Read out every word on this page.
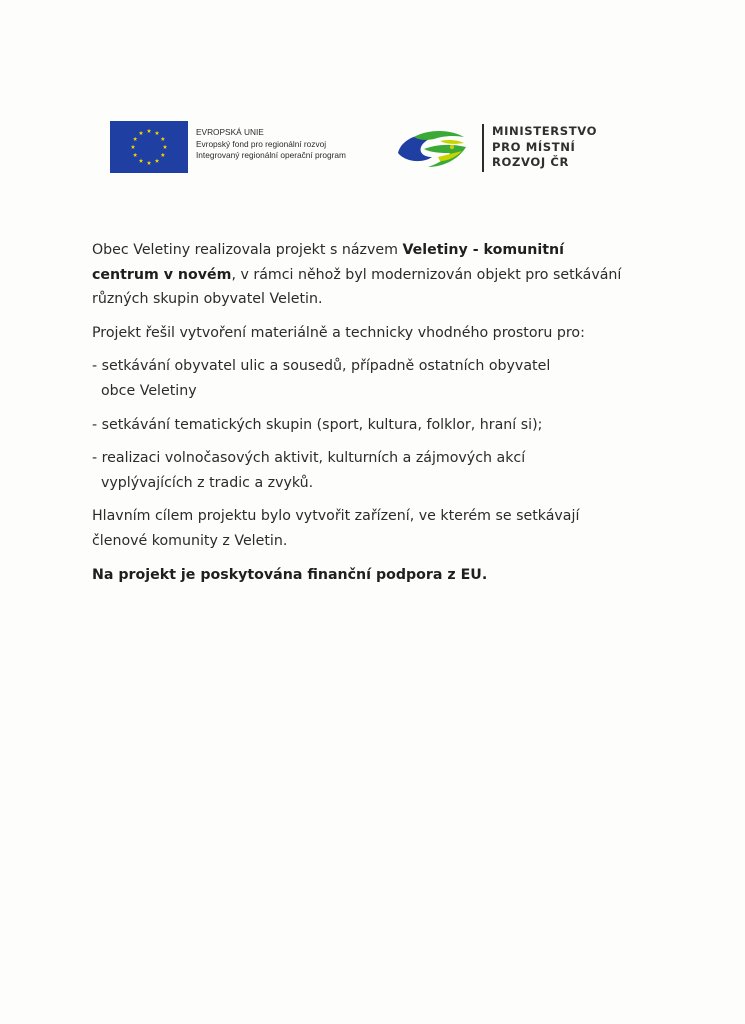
EVROPSKÁ UNIE
Evropský fond pro regionální rozvoj
Integrovaný regionální operační program
MINISTERSTVO
PRO MÍSTNÍ
ROZVOJ ČR

Obec Veletiny realizovala projekt s názvem Veletiny - komunitní centrum v novém, v rámci něhož byl modernizován objekt pro setkávání různých skupin obyvatel Veletin.

Projekt řešil vytvoření materiálně a technicky vhodného prostoru pro:

- setkávání obyvatel ulic a sousedů, případně ostatních obyvatel
obce Veletiny
- setkávání tematických skupin (sport, kultura, folklor, hraní si);
- realizaci volnočasových aktivit, kulturních a zájmových akcí
vyplývajících z tradic a zvyků.

Hlavním cílem projektu bylo vytvořit zařízení, ve kterém se setkávají členové komunity z Veletin.

Na projekt je poskytována finanční podpora z EU.
